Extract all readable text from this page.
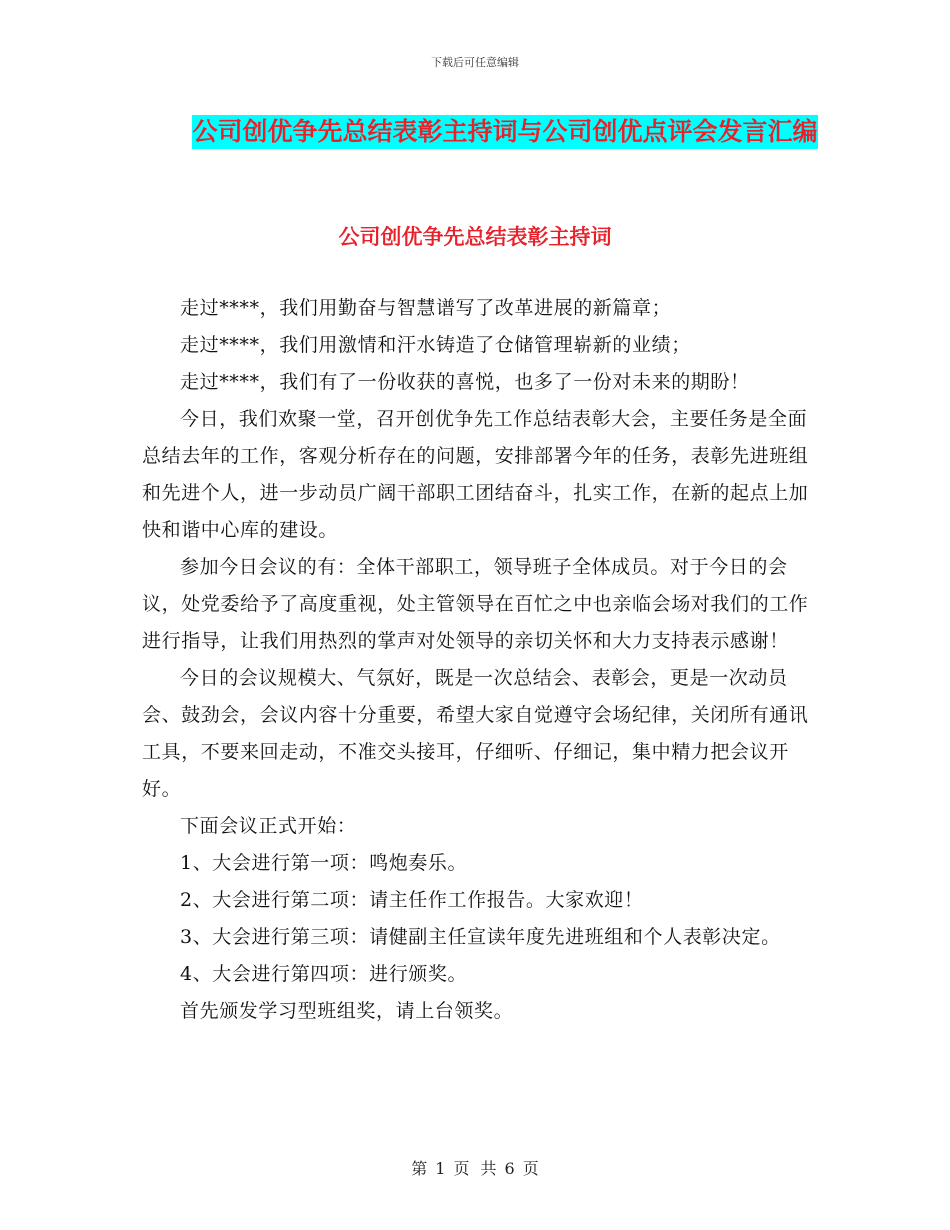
下载后可任意编辑
公司创优争先总结表彰主持词与公司创优点评会发言汇编
公司创优争先总结表彰主持词

走过****，我们用勤奋与智慧谱写了改革进展的新篇章；

走过****，我们用激情和汗水铸造了仓储管理崭新的业绩；

走过****，我们有了一份收获的喜悦，也多了一份对未来的期盼！

今日，我们欢聚一堂，召开创优争先工作总结表彰大会，主要任务是全面总结去年的工作，客观分析存在的问题，安排部署今年的任务，表彰先进班组和先进个人，进一步动员广阔干部职工团结奋斗，扎实工作，在新的起点上加快和谐中心库的建设。

参加今日会议的有：全体干部职工，领导班子全体成员。对于今日的会议，处党委给予了高度重视，处主管领导在百忙之中也亲临会场对我们的工作进行指导，让我们用热烈的掌声对处领导的亲切关怀和大力支持表示感谢！

今日的会议规模大、气氛好，既是一次总结会、表彰会，更是一次动员会、鼓劲会，会议内容十分重要，希望大家自觉遵守会场纪律，关闭所有通讯工具，不要来回走动，不准交头接耳，仔细听、仔细记，集中精力把会议开好。

下面会议正式开始：

1、大会进行第一项：鸣炮奏乐。

2、大会进行第二项：请主任作工作报告。大家欢迎！

3、大会进行第三项：请健副主任宣读年度先进班组和个人表彰决定。

4、大会进行第四项：进行颁奖。

首先颁发学习型班组奖，请上台领奖。

第 1 页 共 6 页
